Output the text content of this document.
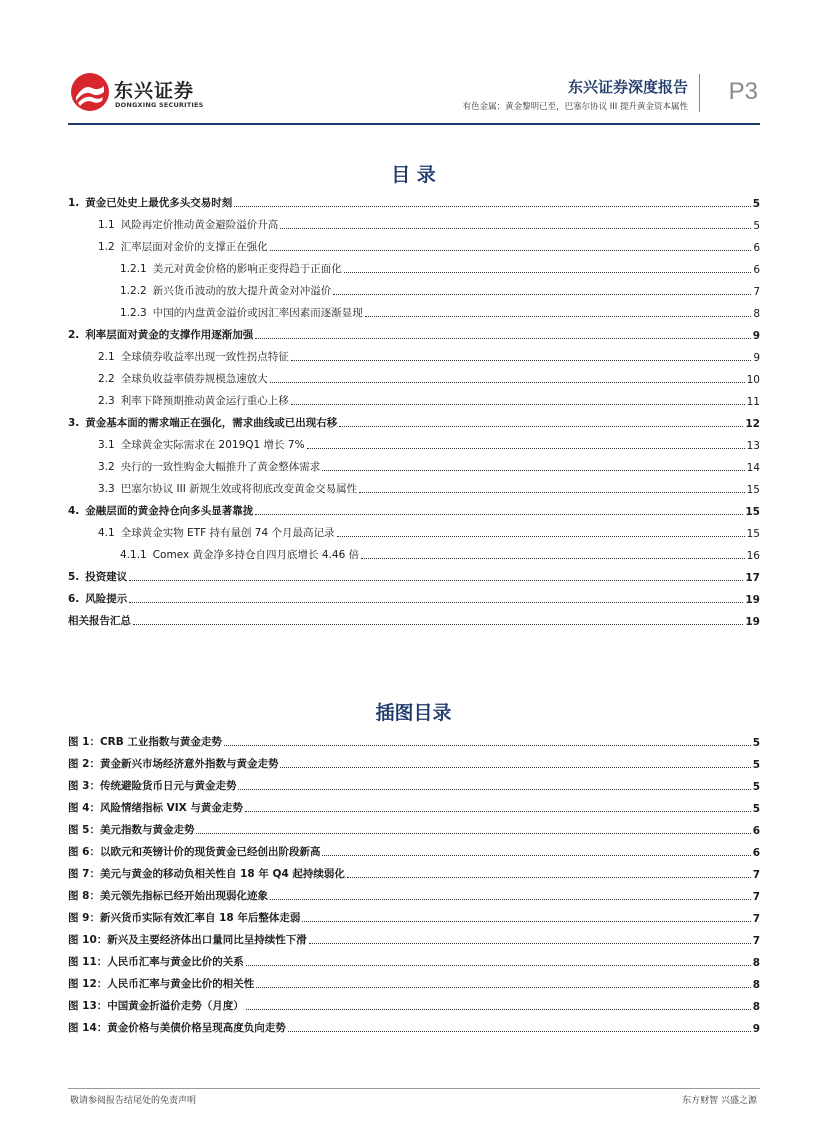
东兴证券
DONGXING SECURITIES
东兴证券深度报告
有色金属：黄金黎明已至，巴塞尔协议 III 提升黄金资本属性
P3
目 录
1. 黄金已处史上最优多头交易时刻	5
1.1 风险再定价推动黄金避险溢价升高	5
1.2 汇率层面对金价的支撑正在强化	6
1.2.1 美元对黄金价格的影响正变得趋于正面化	6
1.2.2 新兴货币波动的放大提升黄金对冲溢价	7
1.2.3 中国的内盘黄金溢价或因汇率因素而逐渐显现	8
2. 利率层面对黄金的支撑作用逐渐加强	9
2.1 全球债券收益率出现一致性拐点特征	9
2.2 全球负收益率债券规模急速放大	10
2.3 利率下降预期推动黄金运行重心上移	11
3. 黄金基本面的需求端正在强化，需求曲线或已出现右移	12
3.1 全球黄金实际需求在 2019Q1 增长 7%	13
3.2 央行的一致性购金大幅推升了黄金整体需求	14
3.3 巴塞尔协议 III 新规生效或将彻底改变黄金交易属性	15
4. 金融层面的黄金持仓向多头显著靠拢	15
4.1 全球黄金实物 ETF 持有量创 74 个月最高记录	15
4.1.1 Comex 黄金净多持仓自四月底增长 4.46 倍	16
5. 投资建议	17
6. 风险提示	19
相关报告汇总	19
插图目录
图 1：CRB 工业指数与黄金走势	5
图 2：黄金新兴市场经济意外指数与黄金走势	5
图 3：传统避险货币日元与黄金走势	5
图 4：风险情绪指标 VIX 与黄金走势	5
图 5：美元指数与黄金走势	6
图 6：以欧元和英镑计价的现货黄金已经创出阶段新高	6
图 7：美元与黄金的移动负相关性自 18 年 Q4 起持续弱化	7
图 8：美元领先指标已经开始出现弱化迹象	7
图 9：新兴货币实际有效汇率自 18 年后整体走弱	7
图 10：新兴及主要经济体出口量同比呈持续性下滑	7
图 11：人民币汇率与黄金比价的关系	8
图 12：人民币汇率与黄金比价的相关性	8
图 13：中国黄金折溢价走势（月度）	8
图 14：黄金价格与美债价格呈现高度负向走势	9
敬请参阅报告结尾处的免责声明	东方财智 兴盛之源
